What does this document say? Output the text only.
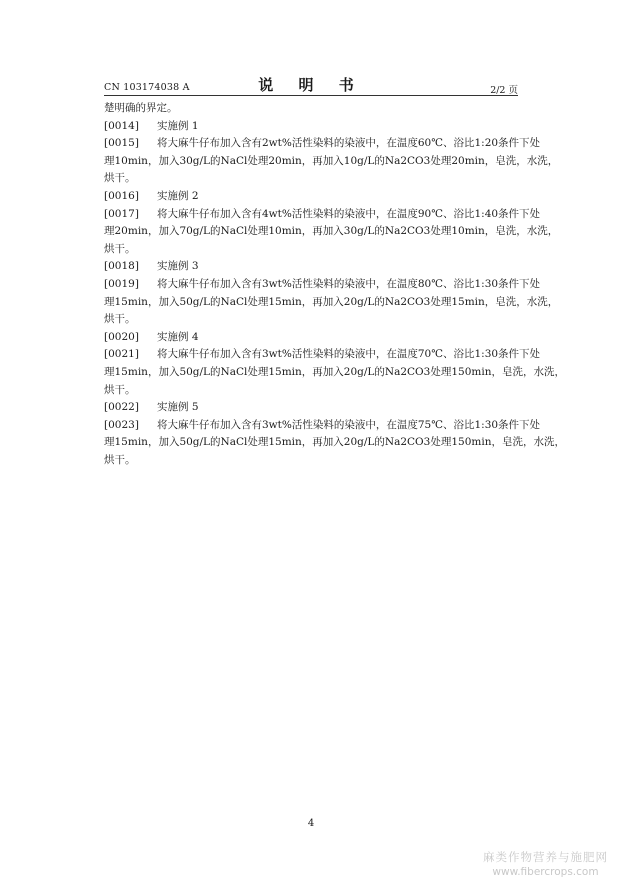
CN 103174038 A	说 明 书	2/2 页
楚明确的界定。
[0014]	实施例 1
[0015]	将大麻牛仔布加入含有2wt%活性染料的染液中，在温度60℃、浴比1:20条件下处
理10min，加入30g/L的NaCl处理20min，再加入10g/L的Na2CO3处理20min，皂洗，水洗，
烘干。
[0016]	实施例 2
[0017]	将大麻牛仔布加入含有4wt%活性染料的染液中，在温度90℃、浴比1:40条件下处
理20min，加入70g/L的NaCl处理10min，再加入30g/L的Na2CO3处理10min，皂洗，水洗，
烘干。
[0018]	实施例 3
[0019]	将大麻牛仔布加入含有3wt%活性染料的染液中，在温度80℃、浴比1:30条件下处
理15min，加入50g/L的NaCl处理15min，再加入20g/L的Na2CO3处理15min，皂洗，水洗，
烘干。
[0020]	实施例 4
[0021]	将大麻牛仔布加入含有3wt%活性染料的染液中，在温度70℃、浴比1:30条件下处
理15min，加入50g/L的NaCl处理15min，再加入20g/L的Na2CO3处理150min，皂洗，水洗，
烘干。
[0022]	实施例 5
[0023]	将大麻牛仔布加入含有3wt%活性染料的染液中，在温度75℃、浴比1:30条件下处
理15min，加入50g/L的NaCl处理15min，再加入20g/L的Na2CO3处理150min，皂洗，水洗，
烘干。
4
麻类作物营养与施肥网
www.fibercrops.com
